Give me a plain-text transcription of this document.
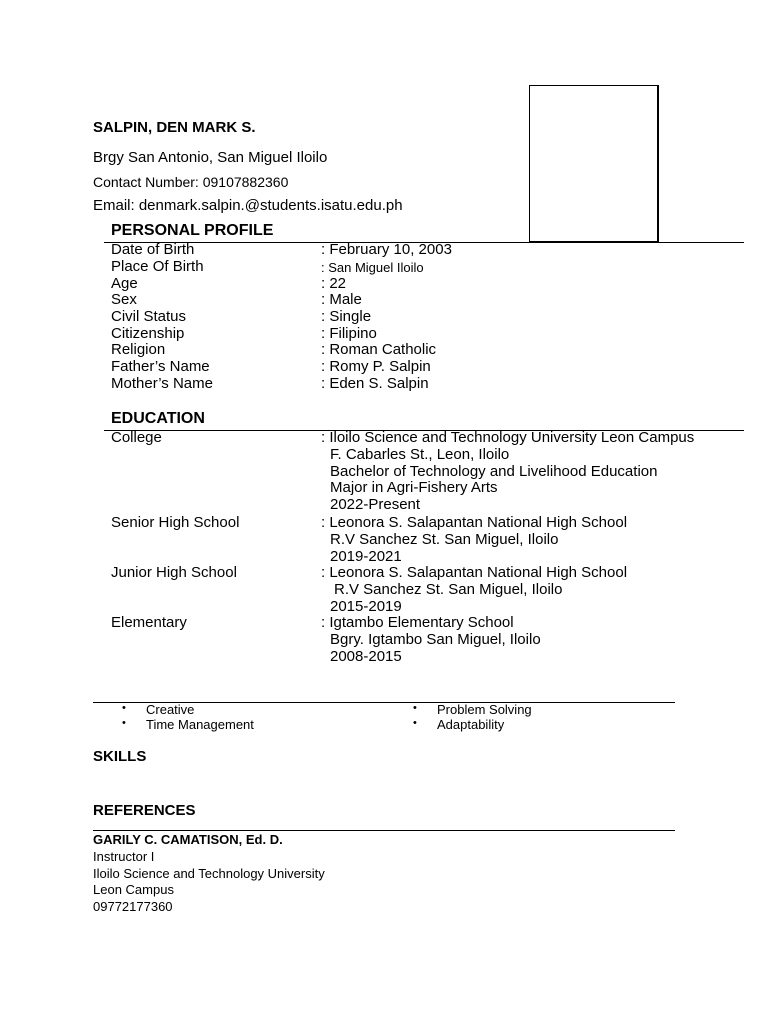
SALPIN, DEN MARK S.
Brgy San Antonio, San Miguel Iloilo
Contact Number: 09107882360
Email: denmark.salpin.@students.isatu.edu.ph
PERSONAL PROFILE
Date of Birth	: February 10, 2003
Place Of Birth	: San Miguel Iloilo
Age	: 22
Sex	: Male
Civil Status	: Single
Citizenship	: Filipino
Religion	: Roman Catholic
Father’s Name	: Romy P. Salpin
Mother’s Name	: Eden S. Salpin
EDUCATION
College	: Iloilo Science and Technology University Leon Campus
F. Cabarles St., Leon, Iloilo
Bachelor of Technology and Livelihood Education
Major in Agri-Fishery Arts
2022-Present
Senior High School	: Leonora S. Salapantan National High School
R.V Sanchez St. San Miguel, Iloilo
2019-2021
Junior High School	: Leonora S. Salapantan National High School
R.V Sanchez St. San Miguel, Iloilo
2015-2019
Elementary	: Igtambo Elementary School
Bgry. Igtambo San Miguel, Iloilo
2008-2015
• Creative
• Time Management
• Problem Solving
• Adaptability
SKILLS
REFERENCES
GARILY C. CAMATISON, Ed. D.
Instructor I
Iloilo Science and Technology University
Leon Campus
09772177360
